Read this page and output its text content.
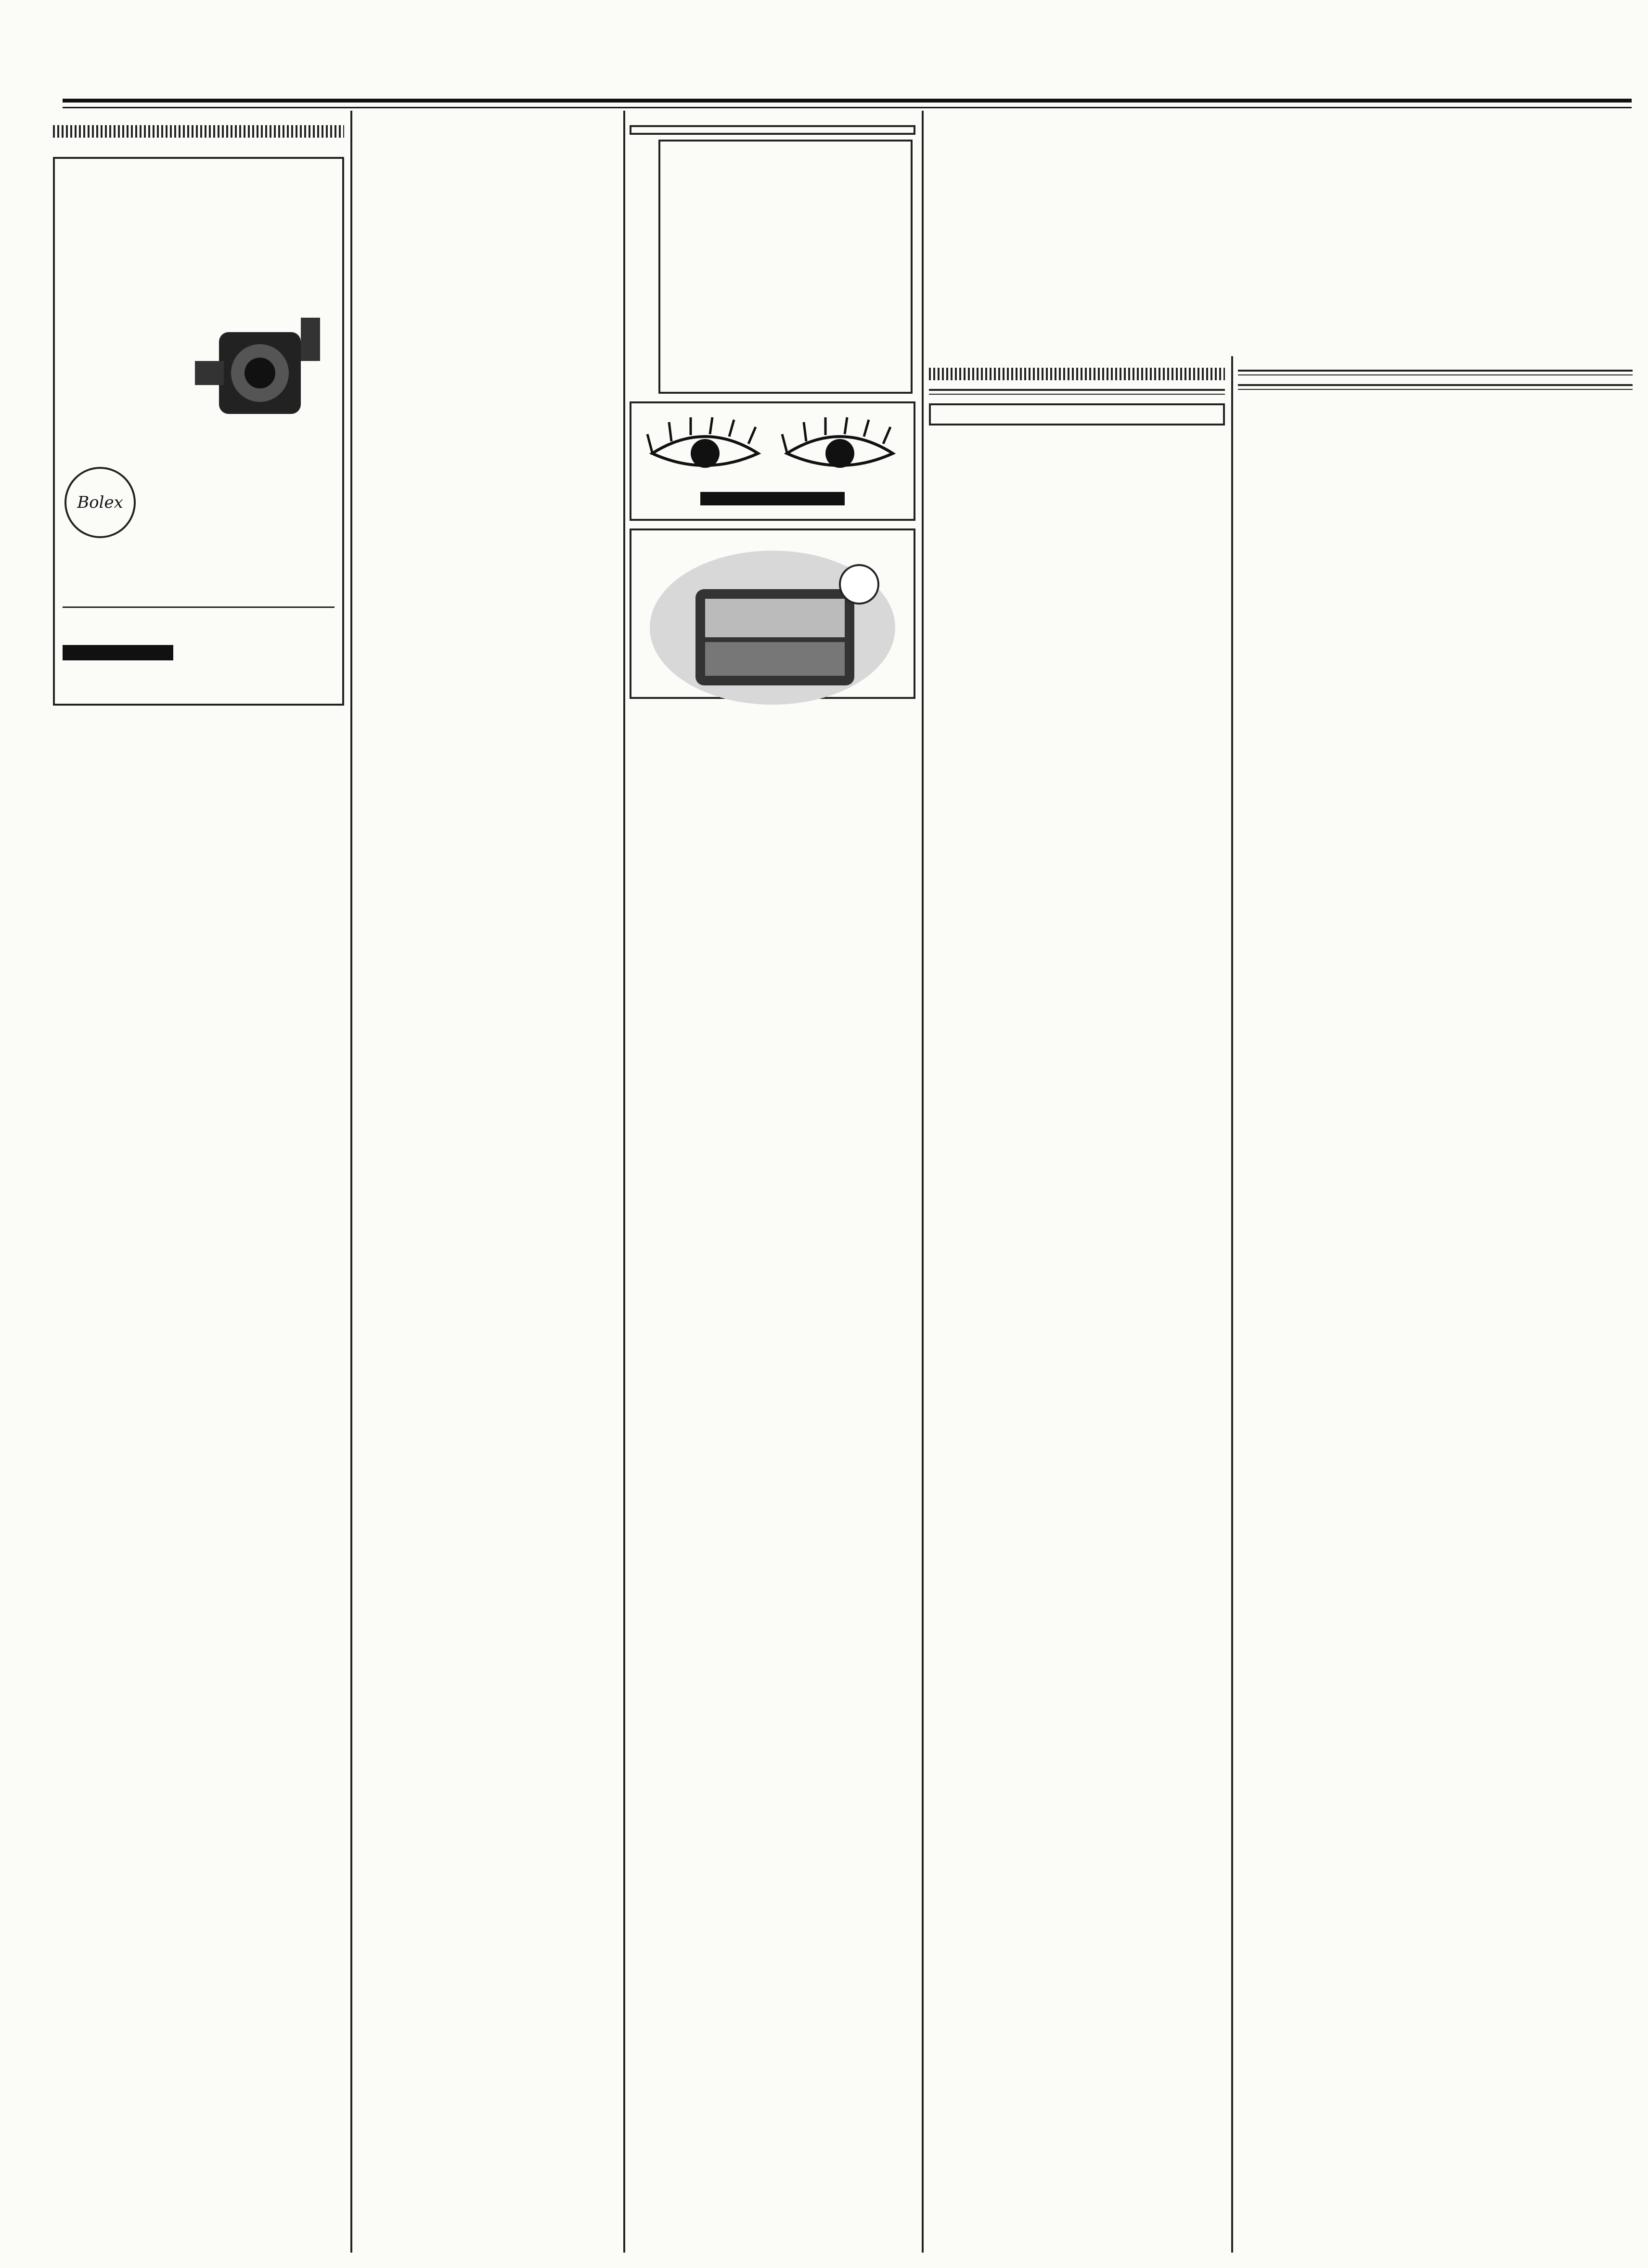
Bolex
